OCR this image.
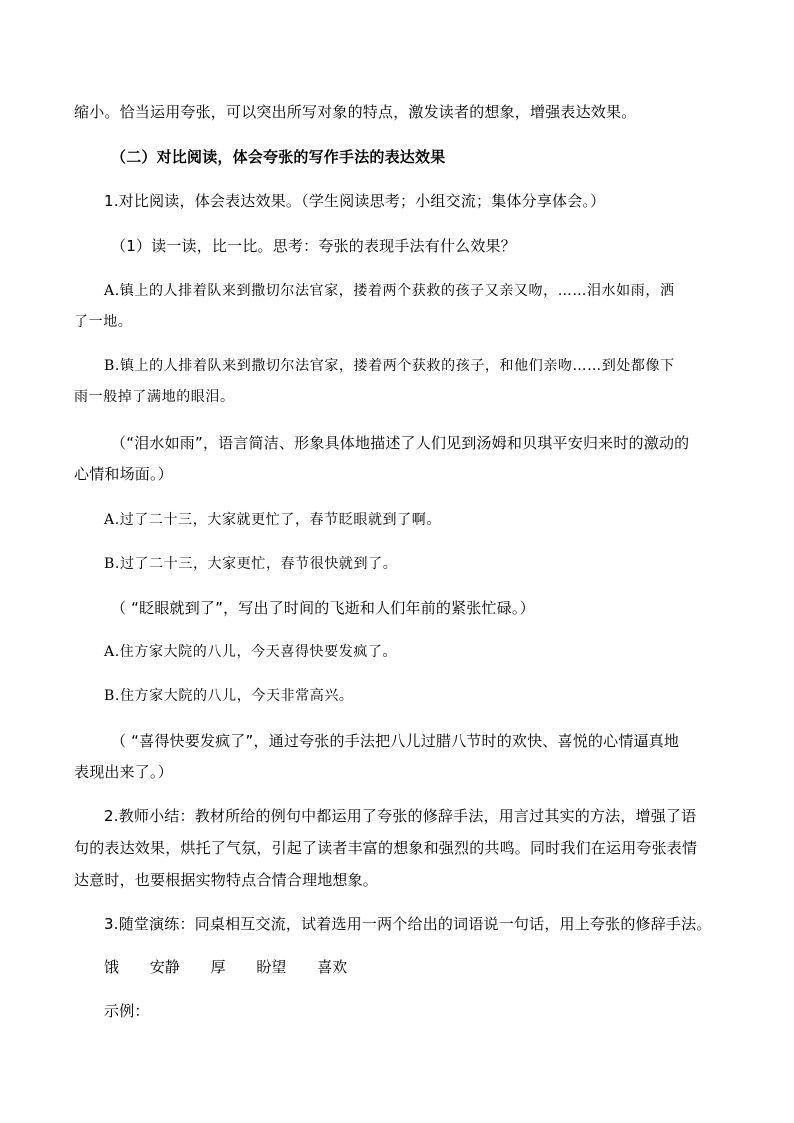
缩小。恰当运用夸张，可以突出所写对象的特点，激发读者的想象，增强表达效果。
（二）对比阅读，体会夸张的写作手法的表达效果
1.对比阅读，体会表达效果。（学生阅读思考；小组交流；集体分享体会。）
（1）读一读，比一比。思考：夸张的表现手法有什么效果？
A.镇上的人排着队来到撒切尔法官家，搂着两个获救的孩子又亲又吻，……泪水如雨，洒
了一地。
B.镇上的人排着队来到撒切尔法官家，搂着两个获救的孩子，和他们亲吻……到处都像下
雨一般掉了满地的眼泪。
（“泪水如雨”，语言简洁、形象具体地描述了人们见到汤姆和贝琪平安归来时的激动的
心情和场面。）
A.过了二十三，大家就更忙了，春节眨眼就到了啊。
B.过了二十三，大家更忙，春节很快就到了。
（ “眨眼就到了”，写出了时间的飞逝和人们年前的紧张忙碌。）
A.住方家大院的八儿，今天喜得快要发疯了。
B.住方家大院的八儿，今天非常高兴。
（ “喜得快要发疯了”，通过夸张的手法把八儿过腊八节时的欢快、喜悦的心情逼真地
表现出来了。）
2.教师小结：教材所给的例句中都运用了夸张的修辞手法，用言过其实的方法，增强了语
句的表达效果，烘托了气氛，引起了读者丰富的想象和强烈的共鸣。同时我们在运用夸张表情
达意时，也要根据实物特点合情合理地想象。
3.随堂演练：同桌相互交流，试着选用一两个给出的词语说一句话，用上夸张的修辞手法。
饿 安静 厚 盼望 喜欢
示例：
